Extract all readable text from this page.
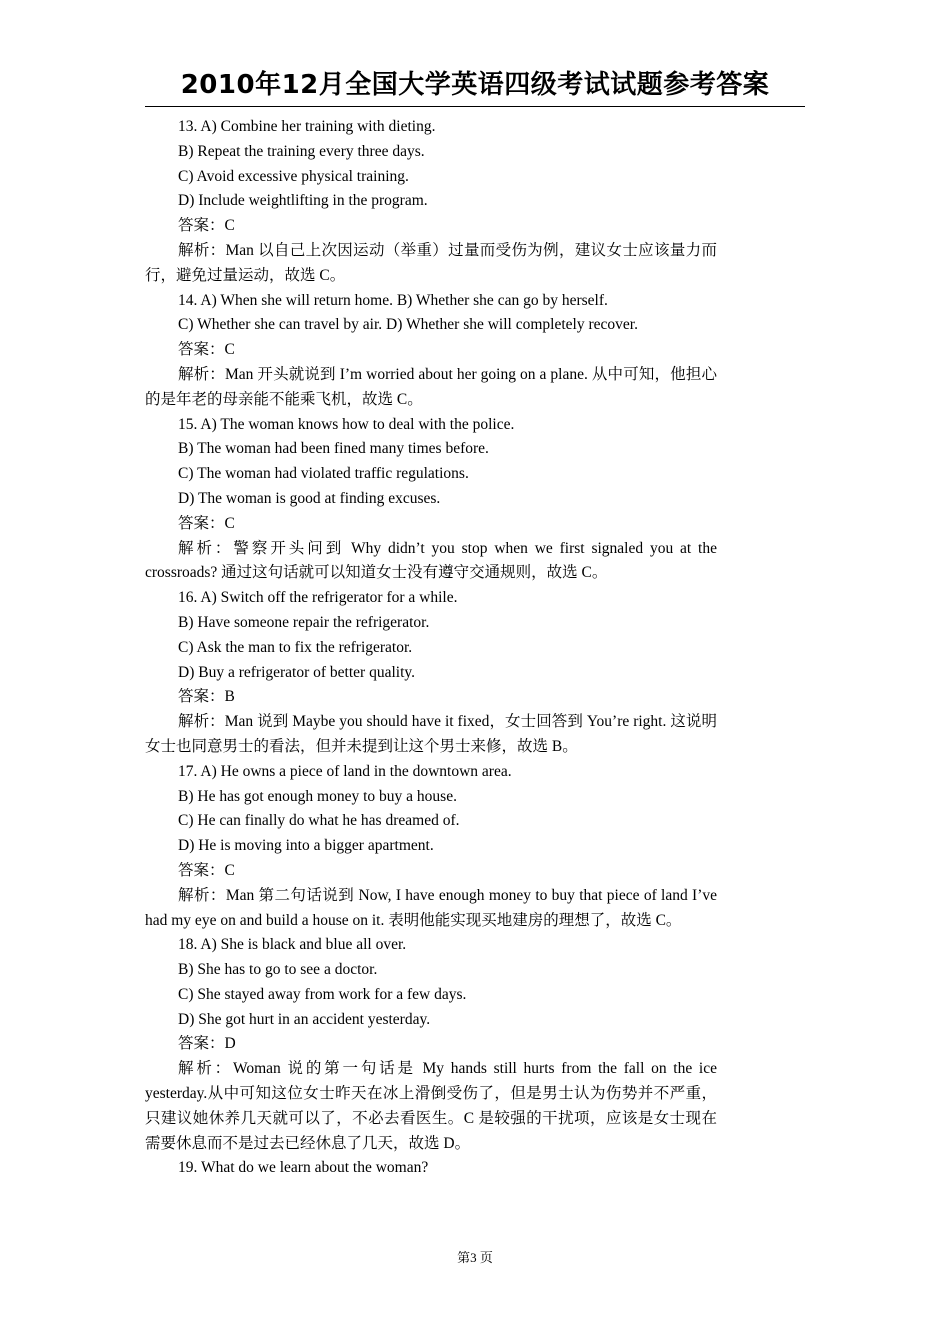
2010年12月全国大学英语四级考试试题参考答案

13. A) Combine her training with dieting.

B) Repeat the training every three days.

C) Avoid excessive physical training.

D) Include weightlifting in the program.

答案：C

解析：Man 以自己上次因运动（举重）过量而受伤为例，建议女士应该量力而行，避免过量运动，故选 C。

14. A) When she will return home. B) Whether she can go by herself.

C) Whether she can travel by air. D) Whether she will completely recover.

答案：C

解析：Man 开头就说到 I’m worried about her going on a plane. 从中可知，他担心的是年老的母亲能不能乘飞机，故选 C。

15. A) The woman knows how to deal with the police.

B) The woman had been fined many times before.

C) The woman had violated traffic regulations.

D) The woman is good at finding excuses.

答案：C

解析：警察开头问到 Why didn’t you stop when we first signaled you at the crossroads? 通过这句话就可以知道女士没有遵守交通规则，故选 C。

16. A) Switch off the refrigerator for a while.

B) Have someone repair the refrigerator.

C) Ask the man to fix the refrigerator.

D) Buy a refrigerator of better quality.

答案：B

解析：Man 说到 Maybe you should have it fixed，女士回答到 You’re right. 这说明女士也同意男士的看法，但并未提到让这个男士来修，故选 B。

17. A) He owns a piece of land in the downtown area.

B) He has got enough money to buy a house.

C) He can finally do what he has dreamed of.

D) He is moving into a bigger apartment.

答案：C

解析：Man 第二句话说到 Now, I have enough money to buy that piece of land I’ve had my eye on and build a house on it. 表明他能实现买地建房的理想了，故选 C。

18. A) She is black and blue all over.

B) She has to go to see a doctor.

C) She stayed away from work for a few days.

D) She got hurt in an accident yesterday.

答案：D

解析：Woman 说的第一句话是 My hands still hurts from the fall on the ice yesterday.从中可知这位女士昨天在冰上滑倒受伤了，但是男士认为伤势并不严重，只建议她休养几天就可以了，不必去看医生。C 是较强的干扰项，应该是女士现在需要休息而不是过去已经休息了几天，故选 D。

19. What do we learn about the woman?

第3 页
